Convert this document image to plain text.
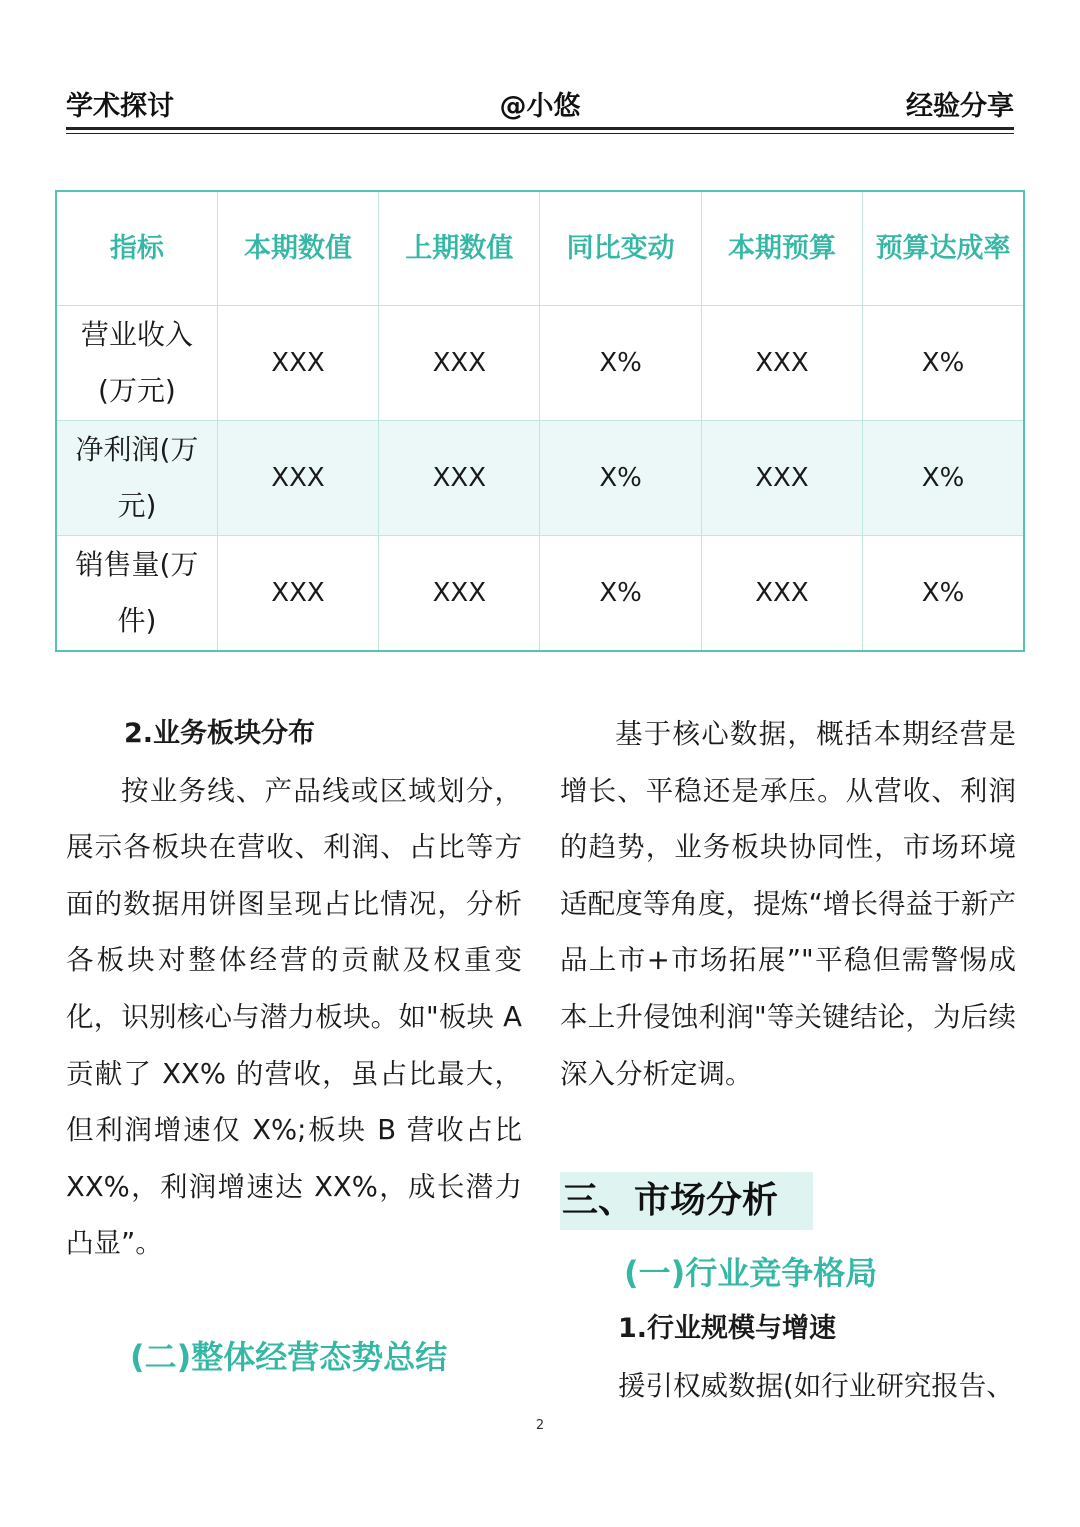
学术探讨	@小悠	经验分享
指标	本期数值	上期数值	同比变动	本期预算	预算达成率
营业收入(万元)	XXX	XXX	X%	XXX	X%
净利润(万元)	XXX	XXX	X%	XXX	X%
销售量(万件)	XXX	XXX	X%	XXX	X%
2.业务板块分布

按业务线、产品线或区域划分，展示各板块在营收、利润、占比等方面的数据用饼图呈现占比情况，分析各板块对整体经营的贡献及权重变化，识别核心与潜力板块。如"板块 A 贡献了 XX% 的营收，虽占比最大，但利润增速仅 X%;板块 B 营收占比 XX%，利润增速达 XX%，成长潜力凸显”。

(二)整体经营态势总结

基于核心数据，概括本期经营是增长、平稳还是承压。从营收、利润的趋势，业务板块协同性，市场环境适配度等角度，提炼“增长得益于新产品上市+市场拓展”"平稳但需警惕成本上升侵蚀利润"等关键结论，为后续深入分析定调。

三、市场分析
(一)行业竞争格局
1.行业规模与增速
援引权威数据(如行业研究报告、
2
